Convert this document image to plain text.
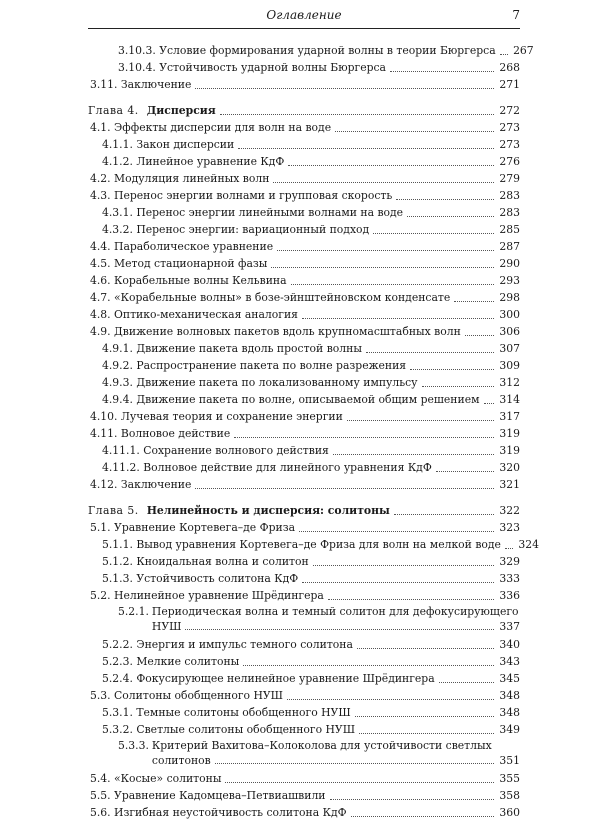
Оглавление	7
3.10.3. Условие формирования ударной волны в теории Бюргерса 267
3.10.4. Устойчивость ударной волны Бюргерса	268
3.11. Заключение	271
Глава 4. Дисперсия	272
4.1. Эффекты дисперсии для волн на воде	273
4.1.1. Закон дисперсии	273
4.1.2. Линейное уравнение КдФ	276
4.2. Модуляция линейных волн	279
4.3. Перенос энергии волнами и групповая скорость	283
4.3.1. Перенос энергии линейными волнами на воде	283
4.3.2. Перенос энергии: вариационный подход	285
4.4. Параболическое уравнение	287
4.5. Метод стационарной фазы	290
4.6. Корабельные волны Кельвина	293
4.7. «Корабельные волны» в бозе-эйнштейновском конденсате	298
4.8. Оптико-механическая аналогия	300
4.9. Движение волновых пакетов вдоль крупномасштабных волн	306
4.9.1. Движение пакета вдоль простой волны	307
4.9.2. Распространение пакета по волне разрежения	309
4.9.3. Движение пакета по локализованному импульсу	312
4.9.4. Движение пакета по волне, описываемой общим решением 314
4.10. Лучевая теория и сохранение энергии	317
4.11. Волновое действие	319
4.11.1. Сохранение волнового действия	319
4.11.2. Волновое действие для линейного уравнения КдФ	320
4.12. Заключение	321
Глава 5. Нелинейность и дисперсия: солитоны	322
5.1. Уравнение Кортевега–де Фриза	323
5.1.1. Вывод уравнения Кортевега–де Фриза для волн на мелкой воде 324
5.1.2. Кноидальная волна и солитон	329
5.1.3. Устойчивость солитона КдФ	333
5.2. Нелинейное уравнение Шрёдингера	336
5.2.1. Периодическая волна и темный солитон для дефокусирующего
НУШ	337
5.2.2. Энергия и импульс темного солитона	340
5.2.3. Мелкие солитоны	343
5.2.4. Фокусирующее нелинейное уравнение Шрёдингера	345
5.3. Солитоны обобщенного НУШ	348
5.3.1. Темные солитоны обобщенного НУШ	348
5.3.2. Светлые солитоны обобщенного НУШ	349
5.3.3. Критерий Вахитова–Колоколова для устойчивости светлых
солитонов	351
5.4. «Косые» солитоны	355
5.5. Уравнение Кадомцева–Петвиашвили	358
5.6. Изгибная неустойчивость солитона КдФ	360
